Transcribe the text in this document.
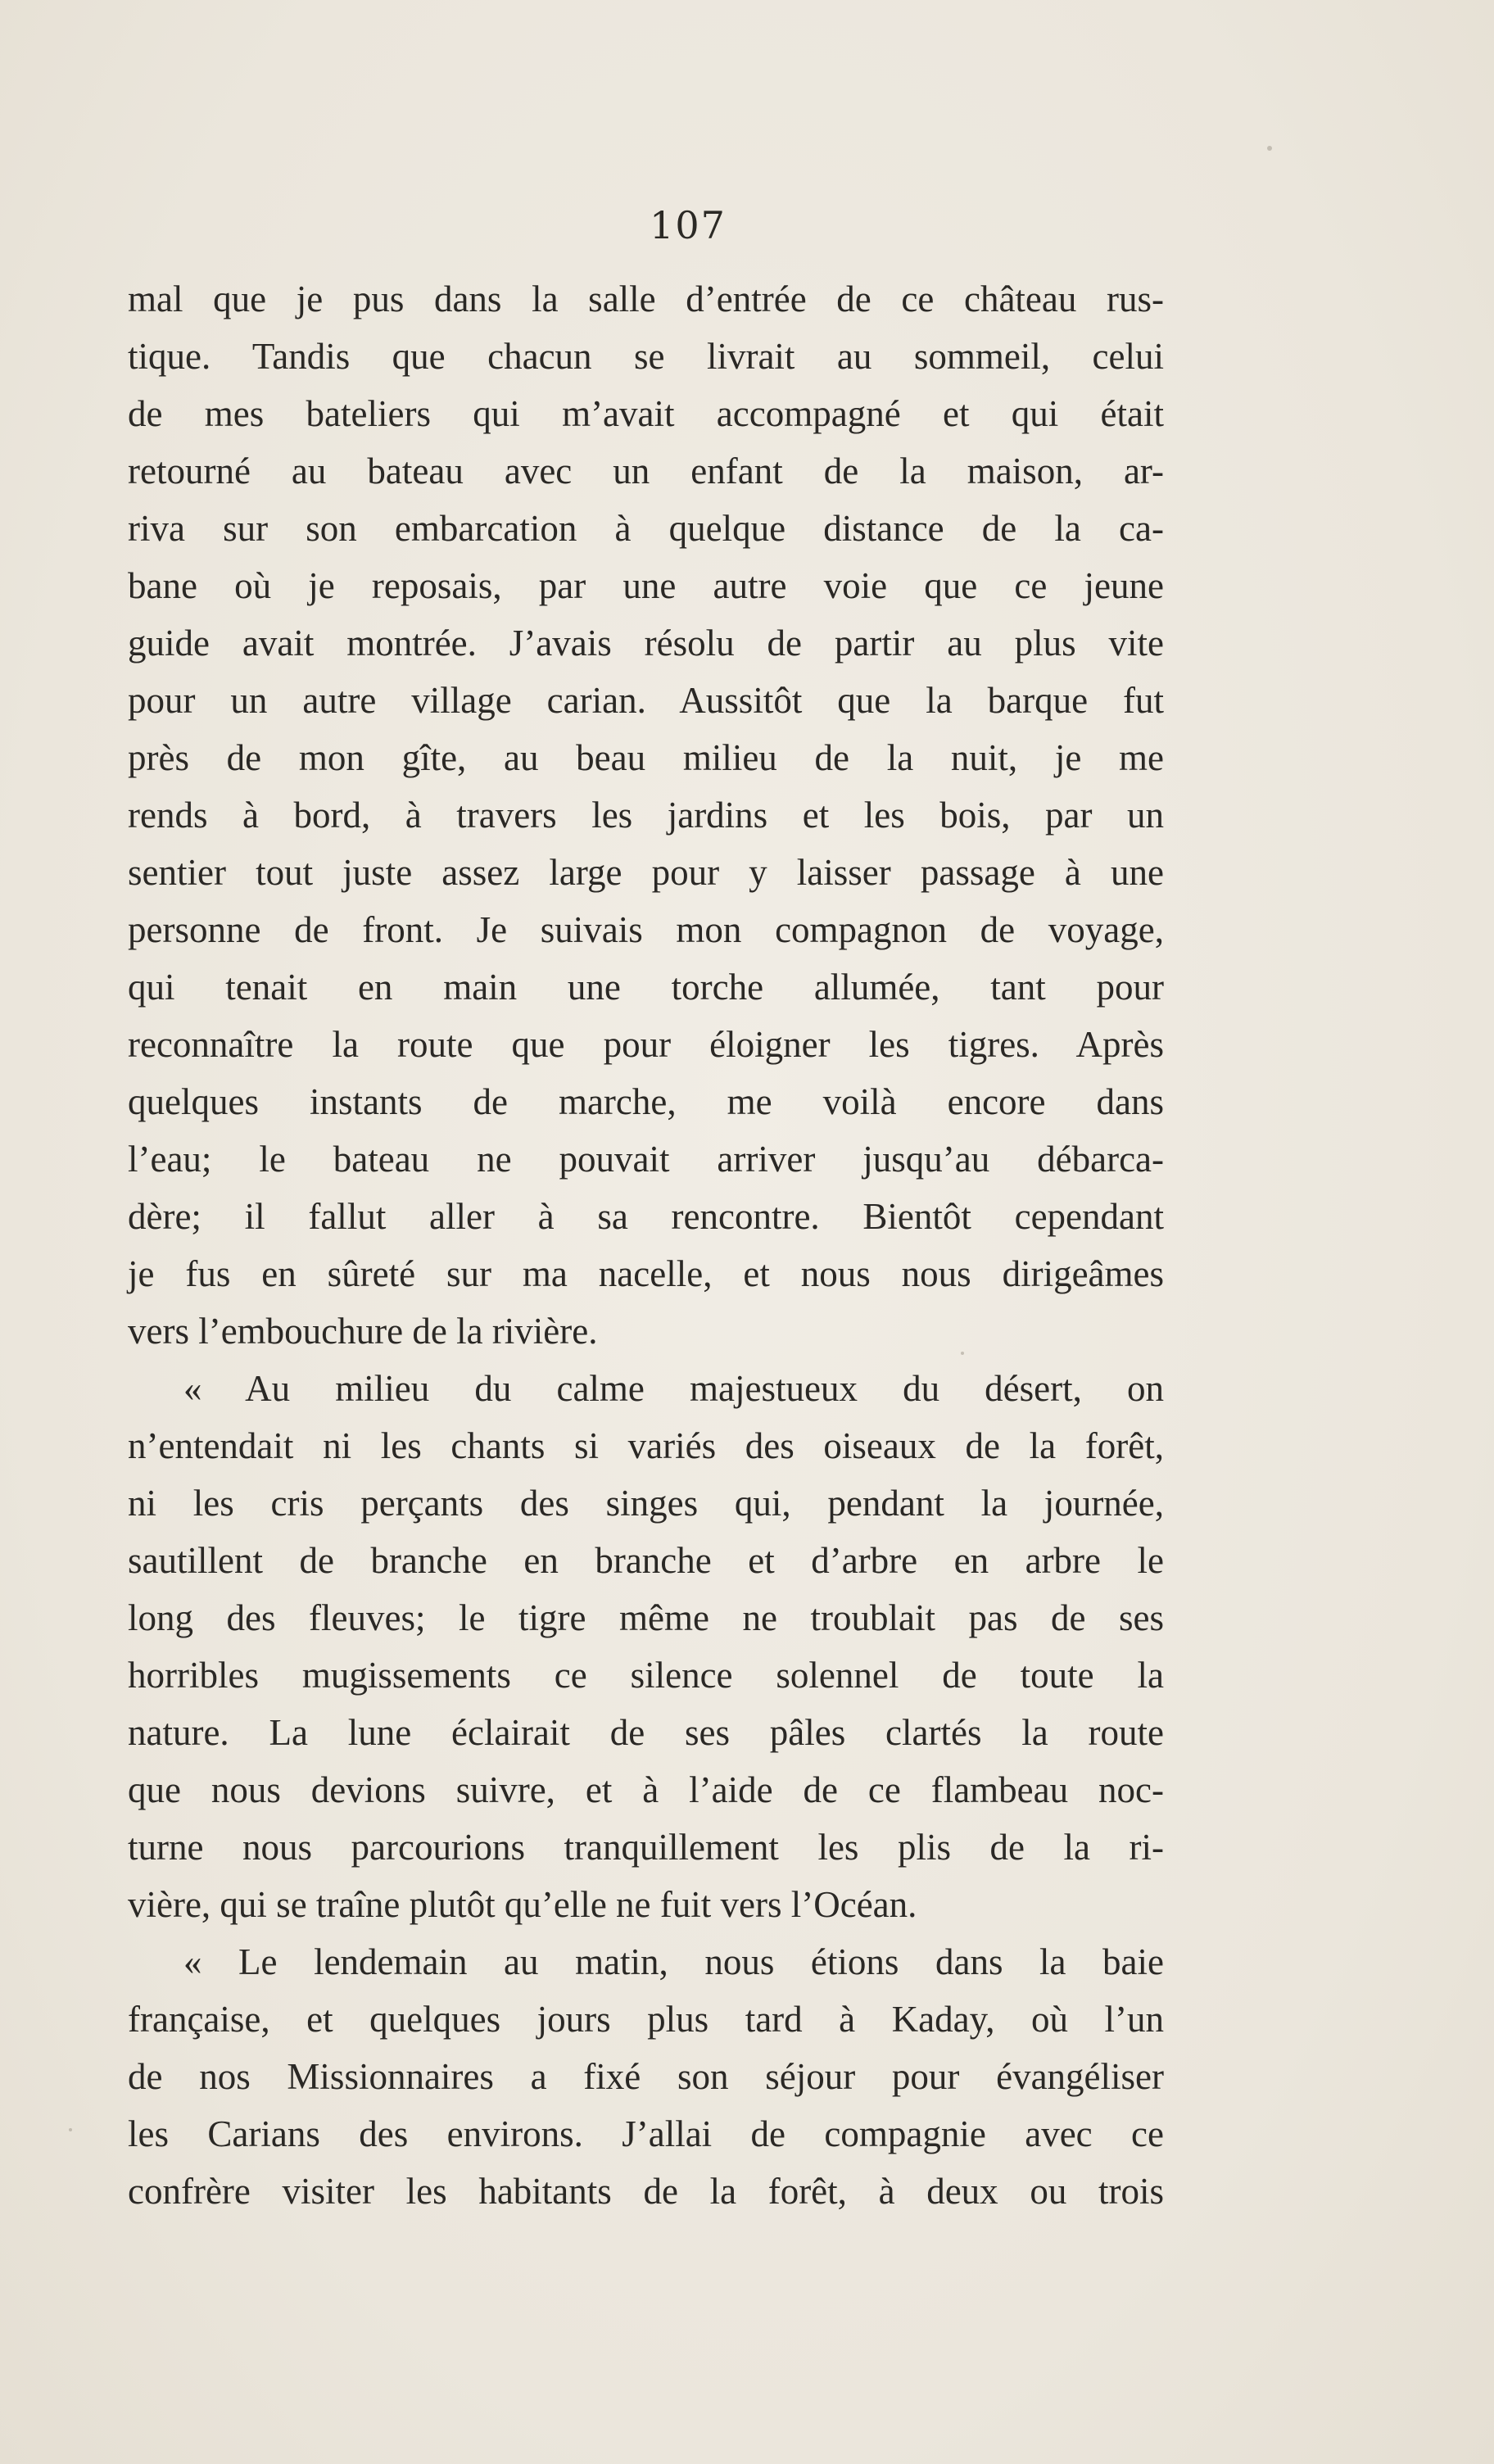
107
mal que je pus dans la salle d’entrée de ce château rus-
tique. Tandis que chacun se livrait au sommeil, celui
de mes bateliers qui m’avait accompagné et qui était
retourné au bateau avec un enfant de la maison, ar-
riva sur son embarcation à quelque distance de la ca-
bane où je reposais, par une autre voie que ce jeune
guide avait montrée. J’avais résolu de partir au plus vite
pour un autre village carian. Aussitôt que la barque fut
près de mon gîte, au beau milieu de la nuit, je me
rends à bord, à travers les jardins et les bois, par un
sentier tout juste assez large pour y laisser passage à une
personne de front. Je suivais mon compagnon de voyage,
qui tenait en main une torche allumée, tant pour
reconnaître la route que pour éloigner les tigres. Après
quelques instants de marche, me voilà encore dans
l’eau; le bateau ne pouvait arriver jusqu’au débarca-
dère; il fallut aller à sa rencontre. Bientôt cependant
je fus en sûreté sur ma nacelle, et nous nous dirigeâmes
vers l’embouchure de la rivière.
« Au milieu du calme majestueux du désert, on
n’entendait ni les chants si variés des oiseaux de la forêt,
ni les cris perçants des singes qui, pendant la journée,
sautillent de branche en branche et d’arbre en arbre le
long des fleuves; le tigre même ne troublait pas de ses
horribles mugissements ce silence solennel de toute la
nature. La lune éclairait de ses pâles clartés la route
que nous devions suivre, et à l’aide de ce flambeau noc-
turne nous parcourions tranquillement les plis de la ri-
vière, qui se traîne plutôt qu’elle ne fuit vers l’Océan.
« Le lendemain au matin, nous étions dans la baie
française, et quelques jours plus tard à Kaday, où l’un
de nos Missionnaires a fixé son séjour pour évangéliser
les Carians des environs. J’allai de compagnie avec ce
confrère visiter les habitants de la forêt, à deux ou trois
